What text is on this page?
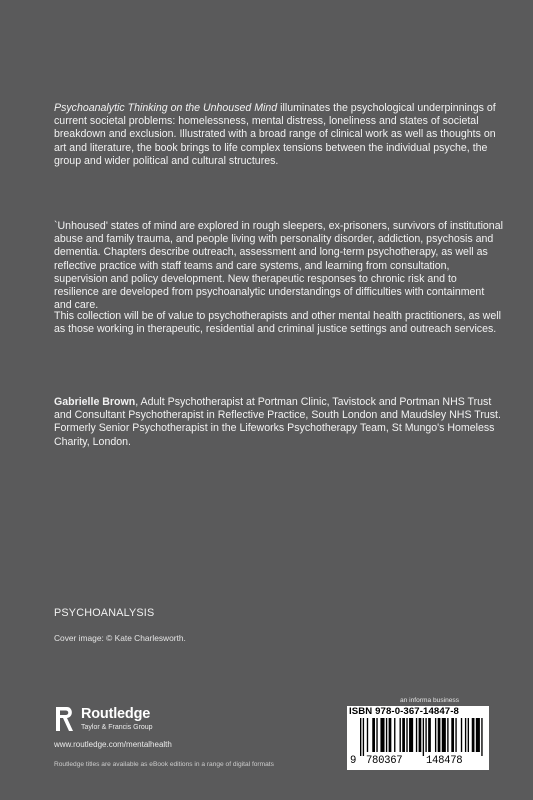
Psychoanalytic Thinking on the Unhoused Mind illuminates the psychological underpinnings of current societal problems: homelessness, mental distress, loneliness and states of societal breakdown and exclusion. Illustrated with a broad range of clinical work as well as thoughts on art and literature, the book brings to life complex tensions between the individual psyche, the group and wider political and cultural structures.

`Unhoused' states of mind are explored in rough sleepers, ex-prisoners, survivors of institutional abuse and family trauma, and people living with personality disorder, addiction, psychosis and dementia. Chapters describe outreach, assessment and long-term psychotherapy, as well as reflective practice with staff teams and care systems, and learning from consultation, supervision and policy development. New therapeutic responses to chronic risk and to resilience are developed from psychoanalytic understandings of difficulties with containment and care.

This collection will be of value to psychotherapists and other mental health practitioners, as well as those working in therapeutic, residential and criminal justice settings and outreach services.

Gabrielle Brown, Adult Psychotherapist at Portman Clinic, Tavistock and Portman NHS Trust and Consultant Psychotherapist in Reflective Practice, South London and Maudsley NHS Trust. Formerly Senior Psychotherapist in the Lifeworks Psychotherapy Team, St Mungo's Homeless Charity, London.
PSYCHOANALYSIS
Cover image: © Kate Charlesworth.
Routledge
Taylor & Francis Group
www.routledge.com/mentalhealth
Routledge titles are available as eBook editions in a range of digital formats
an informa business
ISBN 978-0-367-14847-8
9 780367 148478
